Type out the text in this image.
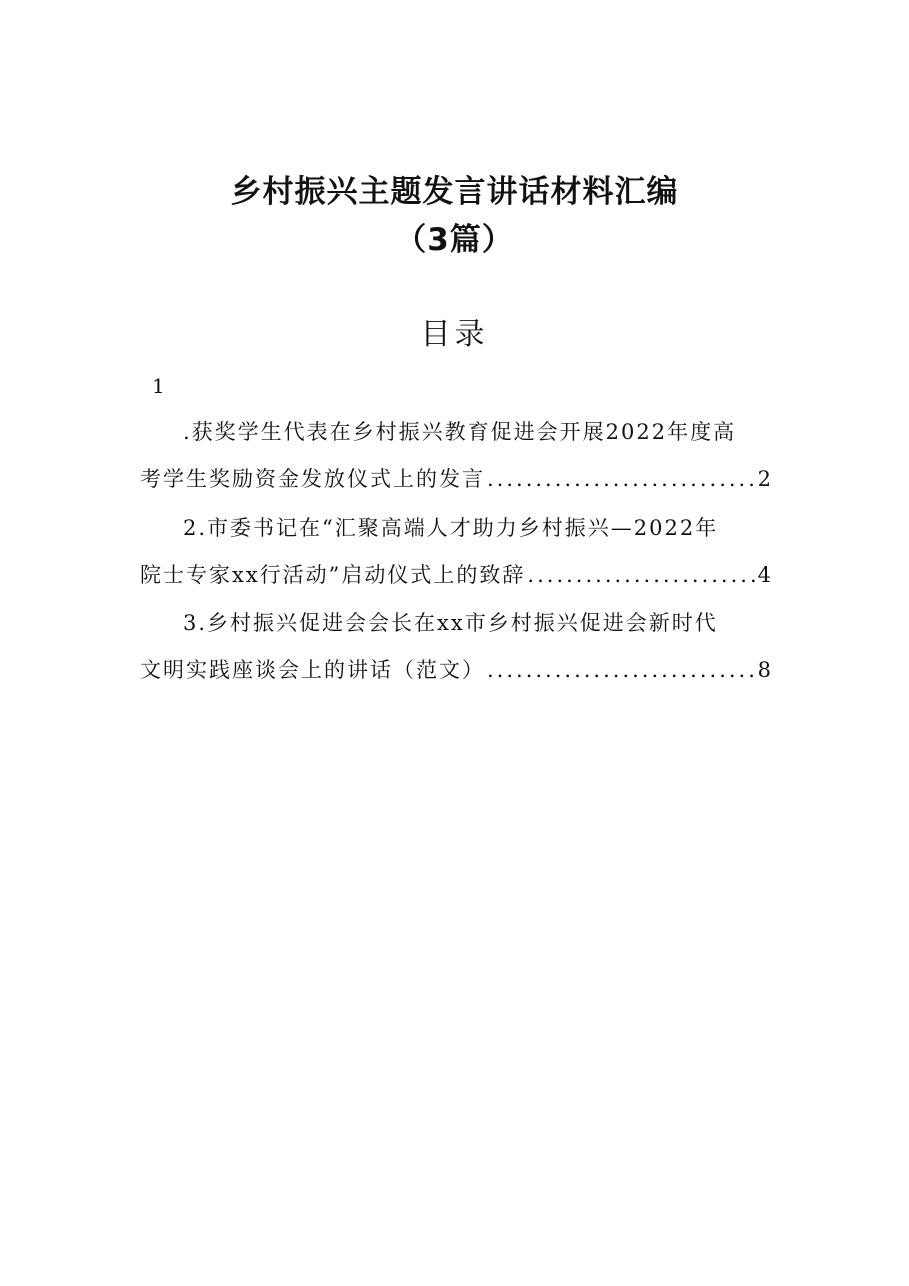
乡村振兴主题发言讲话材料汇编
（3篇）
目录
1
.获奖学生代表在乡村振兴教育促进会开展2022年度高
考学生奖励资金发放仪式上的发言 .....	2
2.市委书记在“汇聚高端人才助力乡村振兴—2022年
院士专家xx行活动”启动仪式上的致辞 .....	4
3.乡村振兴促进会会长在xx市乡村振兴促进会新时代
文明实践座谈会上的讲话（范文） .....	8
